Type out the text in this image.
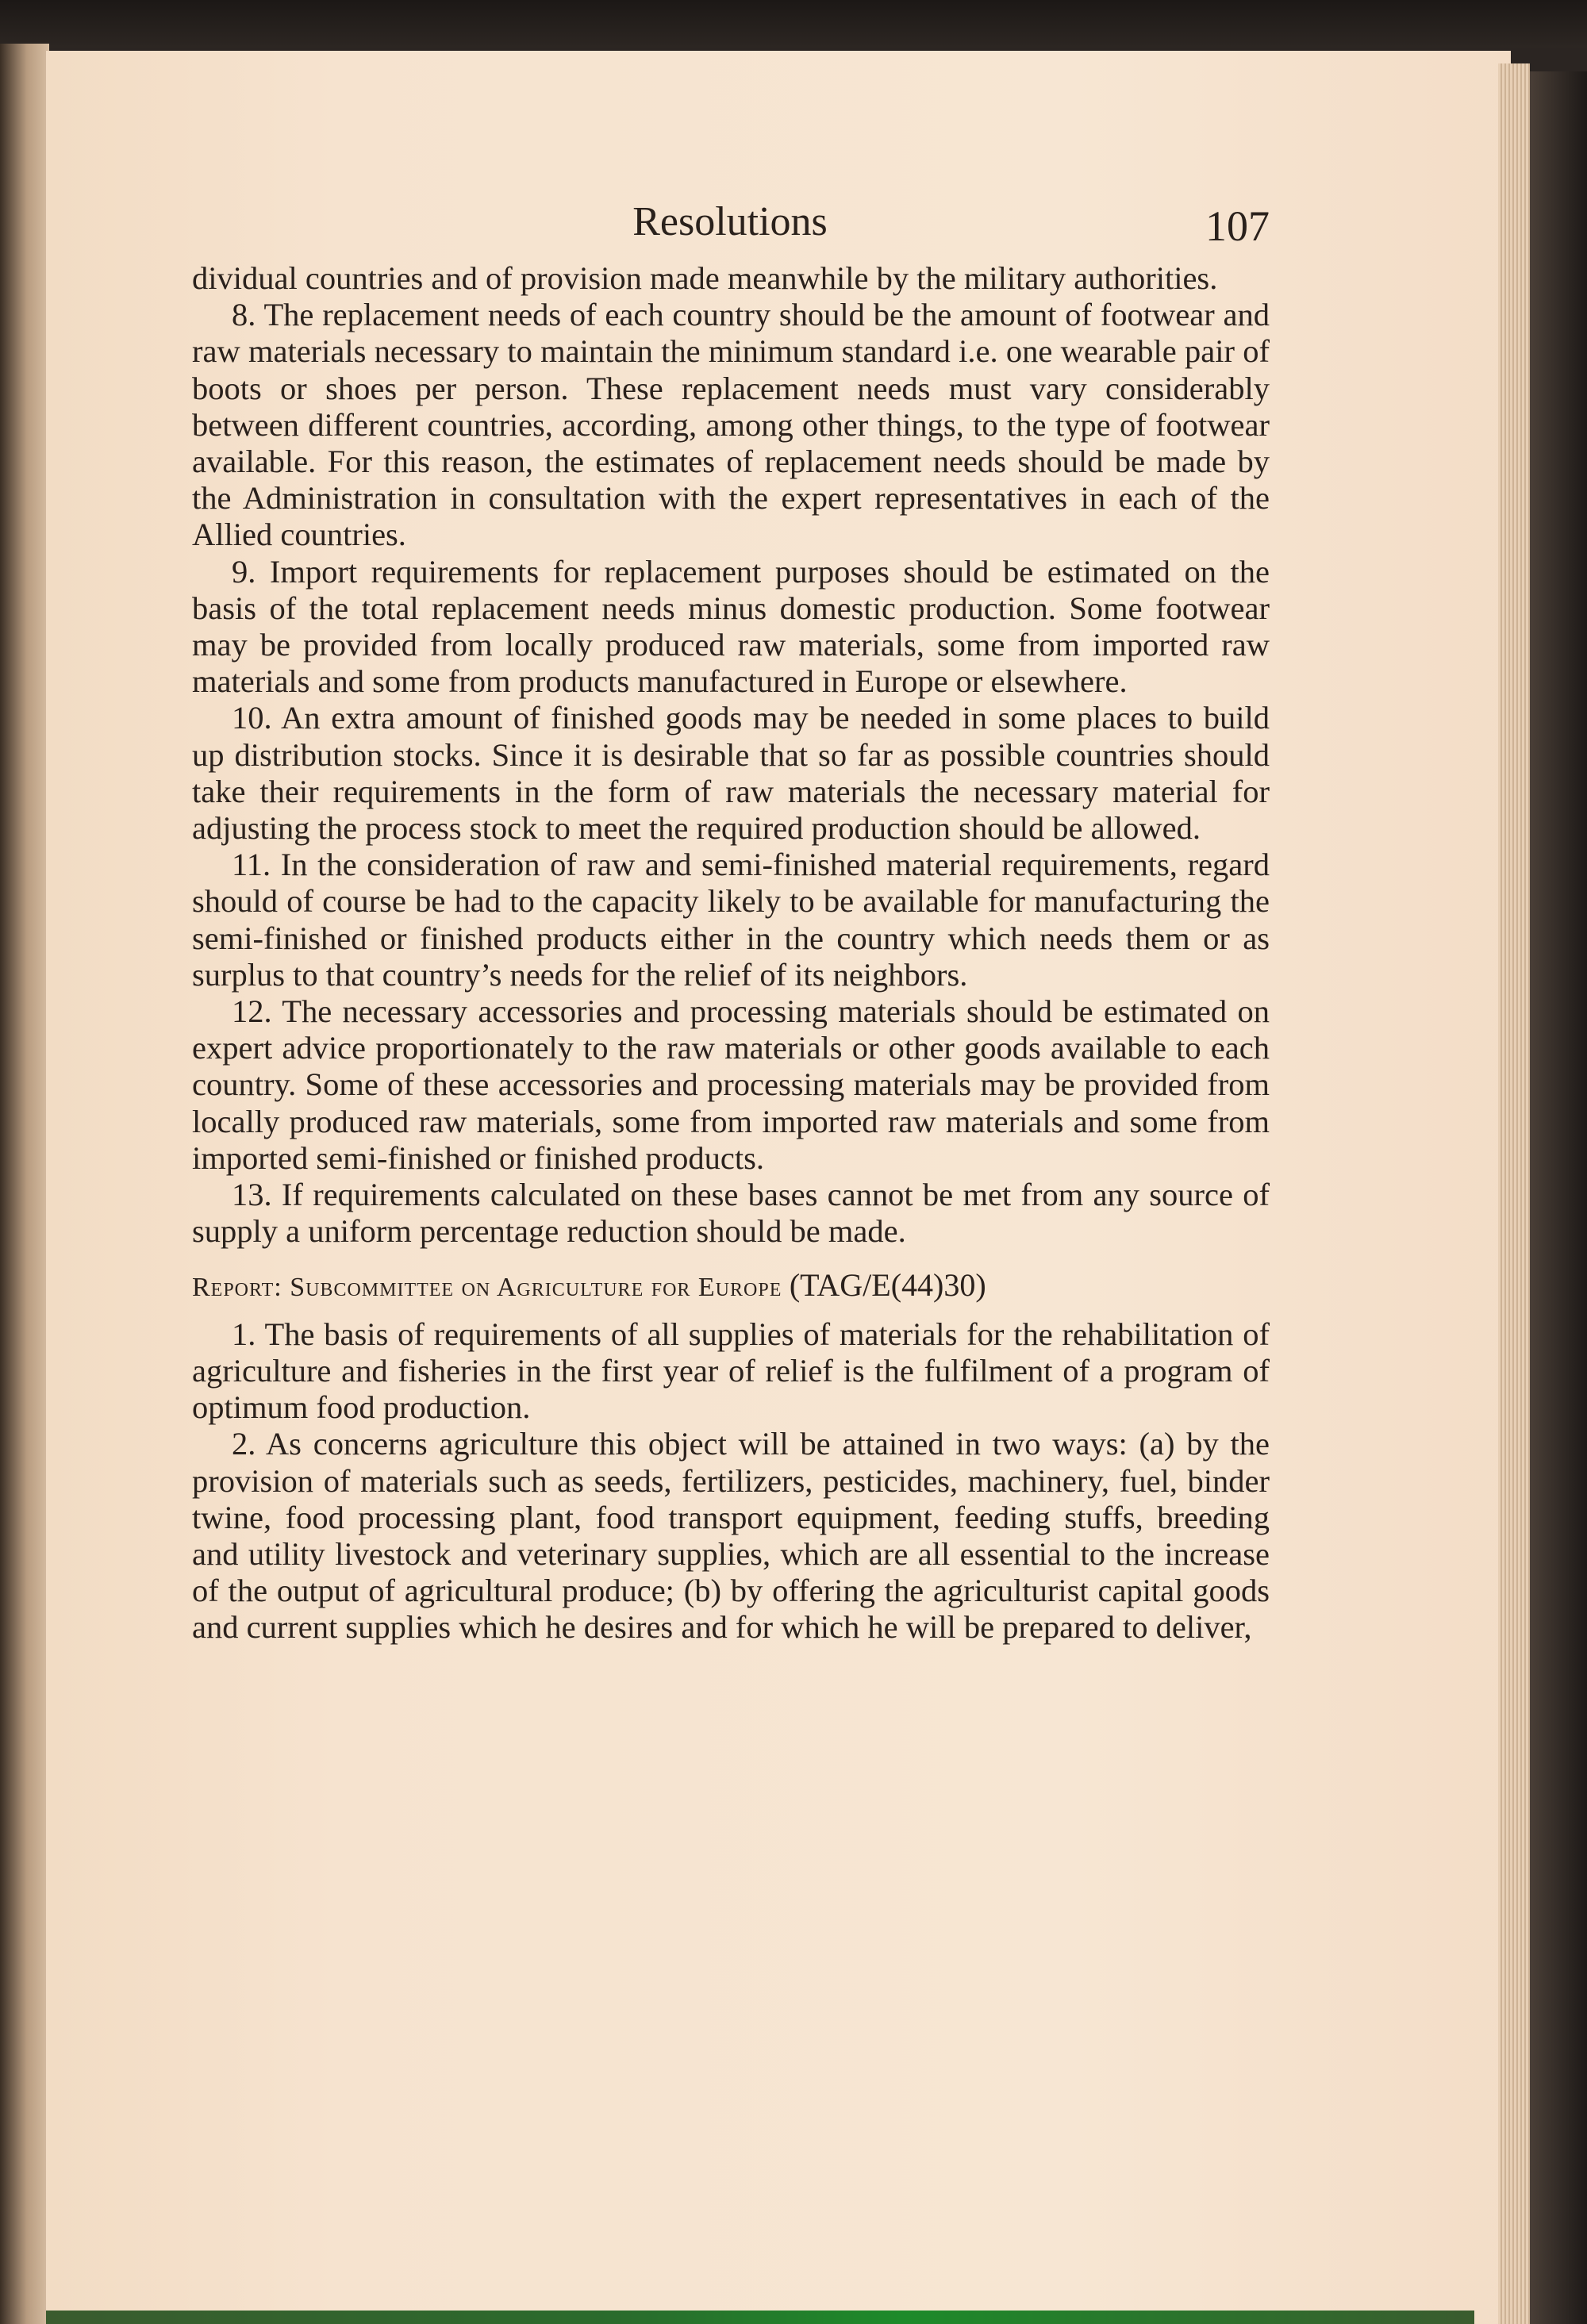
Resolutions	107

dividual countries and of provision made meanwhile by the military authorities.

8. The replacement needs of each country should be the amount of footwear and raw materials necessary to maintain the minimum standard i.e. one wearable pair of boots or shoes per person. These replacement needs must vary considerably between different countries, according, among other things, to the type of footwear available. For this reason, the estimates of replacement needs should be made by the Administration in consultation with the expert representatives in each of the Allied countries.

9. Import requirements for replacement purposes should be estimated on the basis of the total replacement needs minus domestic production. Some footwear may be provided from locally produced raw materials, some from imported raw materials and some from products manufactured in Europe or elsewhere.

10. An extra amount of finished goods may be needed in some places to build up distribution stocks. Since it is desirable that so far as possible countries should take their requirements in the form of raw materials the necessary material for adjusting the process stock to meet the required production should be allowed.

11. In the consideration of raw and semi-finished material requirements, regard should of course be had to the capacity likely to be available for manufacturing the semi-finished or finished products either in the country which needs them or as surplus to that country’s needs for the relief of its neighbors.

12. The necessary accessories and processing materials should be estimated on expert advice proportionately to the raw materials or other goods available to each country. Some of these accessories and processing materials may be provided from locally produced raw materials, some from imported raw materials and some from imported semi-finished or finished products.

13. If requirements calculated on these bases cannot be met from any source of supply a uniform percentage reduction should be made.

Report: Subcommittee on Agriculture for Europe (TAG/E(44)30)

1. The basis of requirements of all supplies of materials for the rehabilitation of agriculture and fisheries in the first year of relief is the fulfilment of a program of optimum food production.

2. As concerns agriculture this object will be attained in two ways: (a) by the provision of materials such as seeds, fertilizers, pesticides, machinery, fuel, binder twine, food processing plant, food transport equipment, feeding stuffs, breeding and utility livestock and veterinary supplies, which are all essential to the increase of the output of agricultural produce; (b) by offering the agriculturist capital goods and current supplies which he desires and for which he will be prepared to deliver,
